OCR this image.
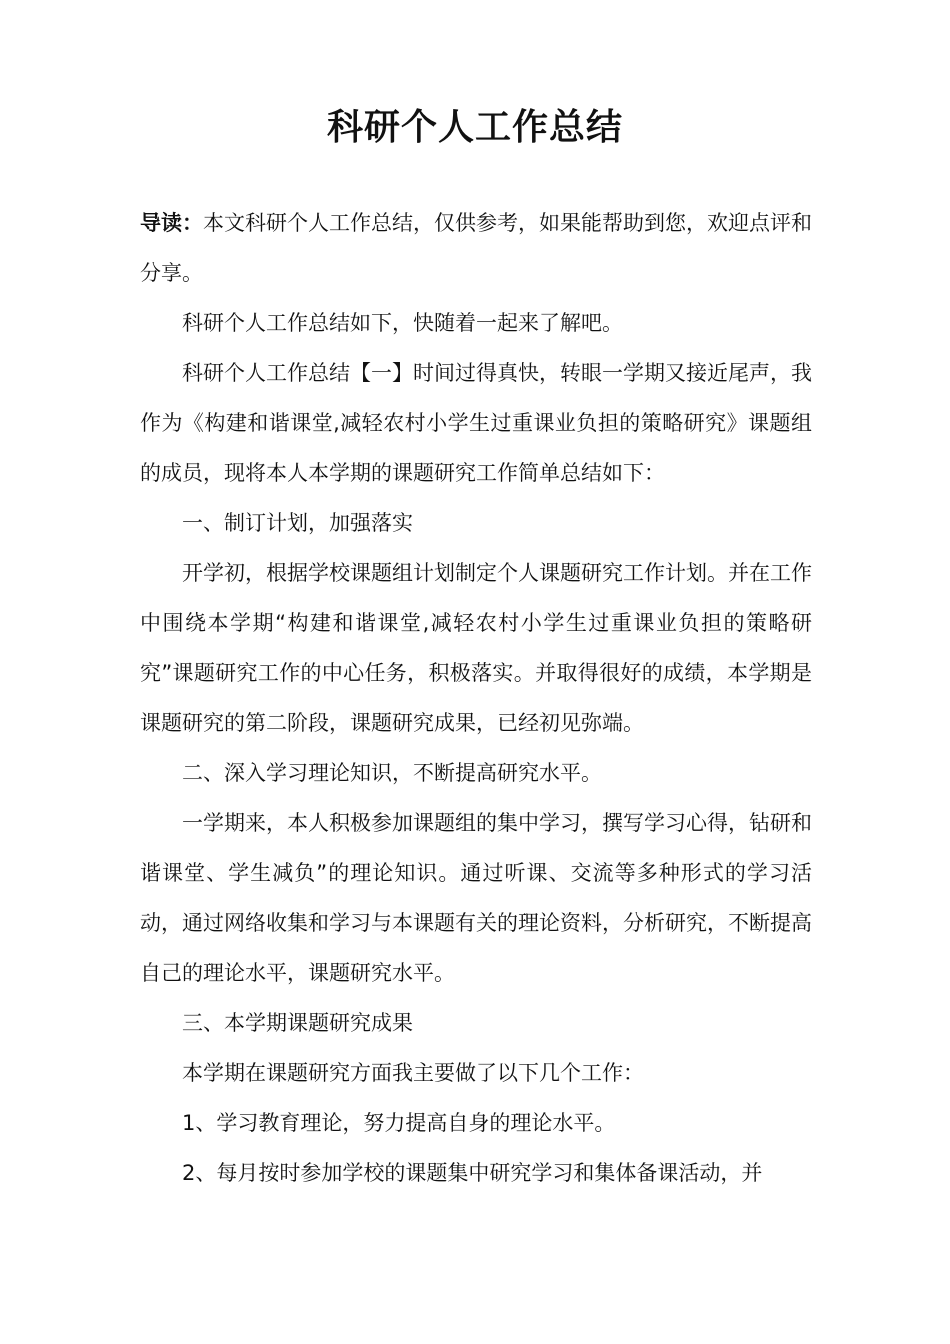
科研个人工作总结

导读：本文科研个人工作总结，仅供参考，如果能帮助到您，欢迎点评和分享。

科研个人工作总结如下，快随着一起来了解吧。

科研个人工作总结【一】时间过得真快，转眼一学期又接近尾声，我作为《构建和谐课堂,减轻农村小学生过重课业负担的策略研究》课题组的成员，现将本人本学期的课题研究工作简单总结如下：

一、制订计划，加强落实

开学初，根据学校课题组计划制定个人课题研究工作计划。并在工作中围绕本学期“构建和谐课堂,减轻农村小学生过重课业负担的策略研究”课题研究工作的中心任务，积极落实。并取得很好的成绩，本学期是课题研究的第二阶段，课题研究成果，已经初见弥端。

二、深入学习理论知识，不断提高研究水平。

一学期来，本人积极参加课题组的集中学习，撰写学习心得，钻研和谐课堂、学生减负”的理论知识。通过听课、交流等多种形式的学习活动，通过网络收集和学习与本课题有关的理论资料，分析研究，不断提高自己的理论水平，课题研究水平。

三、本学期课题研究成果

本学期在课题研究方面我主要做了以下几个工作：

1、学习教育理论，努力提高自身的理论水平。

2、每月按时参加学校的课题集中研究学习和集体备课活动，并
